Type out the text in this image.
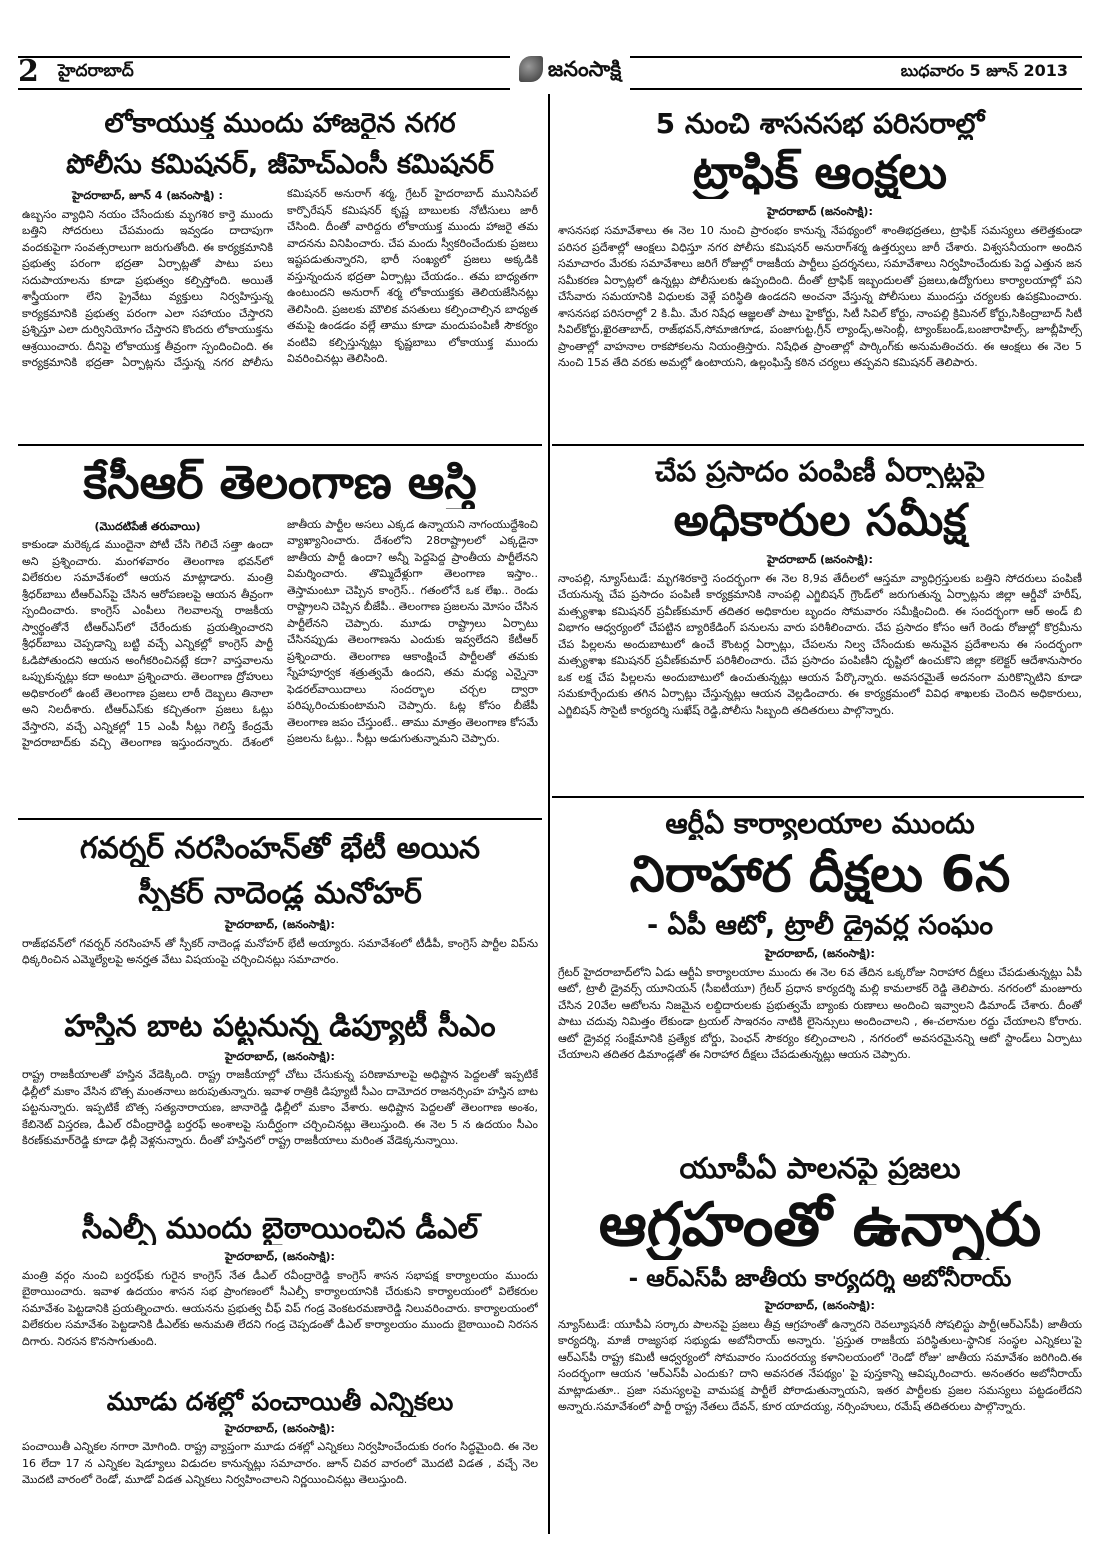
2 హైదరాబాద్	జనంసాక్షి	బుధవారం 5 జూన్ 2013
లోకాయుక్త ముందు హాజరైన నగర
పోలీసు కమిషనర్, జీహెచ్‌ఎంసీ కమిషనర్
హైదరాబాద్, జూన్ 4 (జనంసాక్షి) :
ఉబ్బసం వ్యాధిని నయం చేసేందుకు మృగశిర కార్తె ముందు బత్తిని సోదరులు చేపమందు ఇవ్వడం దాదాపుగా వందకుపైగా సంవత్సరాలుగా జరుగుతోంది. ఈ కార్యక్రమానికి ప్రభుత్వ పరంగా భద్రతా ఏర్పాట్లతో పాటు పలు సదుపాయాలను కూడా ప్రభుత్వం కల్పిస్తోంది. అయితే శాస్త్రీయంగా లేని ప్రైవేటు వ్యక్తులు నిర్వహిస్తున్న కార్యక్రమానికి ప్రభుత్వ పరంగా ఎలా సహాయం చేస్తారని ప్రశ్నిస్తూ ఎలా దుర్వినియోగం చేస్తారని కొందరు లోకాయుక్తను ఆశ్రయించారు. దీనిపై లోకాయుక్త తీవ్రంగా స్పందించింది. ఈ కార్యక్రమానికి భద్రతా ఏర్పాట్లను చేస్తున్న నగర పోలీసు కమిషనర్ అనురాగ్ శర్మ, గ్రేటర్ హైదరాబాద్ మునిసిపల్ కార్పొరేషన్ కమిషనర్ కృష్ణ బాబులకు నోటీసులు జారీ చేసింది. దీంతో వారిద్దరు లోకాయుక్త ముందు హాజరై తమ వాదనను వినిపించారు. చేప మందు స్వీకరించేందుకు ప్రజలు ఇష్టపడుతున్నారని, భారీ సంఖ్యలో ప్రజలు అక్కడికి వస్తున్నందున భద్రతా ఏర్పాట్లు చేయడం.. తమ బాధ్యతగా ఉంటుందని అనురాగ్ శర్మ లోకాయుక్తకు తెలియజేసినట్లు తెలిసింది. ప్రజలకు మౌలిక వసతులు కల్పించాల్సిన బాధ్యత తమపై ఉండడం వల్లే తాము కూడా మందుపంపిణీ సౌకర్యం వంటివి కల్పిస్తున్నట్లు కృష్ణబాబు లోకాయుక్త ముందు వివరించినట్లు తెలిసింది.
కేసీఆర్ తెలంగాణ ఆస్తి
(మొదటిపేజీ తరువాయి)
కాకుండా మరెక్కడ ముందైనా పోటీ చేసి గెలిచే సత్తా ఉందా అని ప్రశ్నించారు. మంగళవారం తెలంగాణ భవన్‌లో విలేకరుల సమావేశంలో ఆయన మాట్లాడారు. మంత్రి శ్రీధర్‌బాబు టీఆర్‌ఎస్‌పై చేసిన ఆరోపణలపై ఆయన తీవ్రంగా స్పందించారు. కాంగ్రెస్ ఎంపీలు గెలవాలన్న రాజకీయ స్వార్థంతోనే టీఆర్‌ఎస్‌లో చేరేందుకు ప్రయత్నించారని శ్రీధర్‌బాబు చెప్పడాన్ని బట్టి వచ్చే ఎన్నికల్లో కాంగ్రెస్ పార్టీ ఓడిపోతుందని ఆయన అంగీకరించినట్లే కదా? వాస్తవాలను ఒప్పుకున్నట్లు కదా అంటూ ప్రశ్నించారు. తెలంగాణ ద్రోహులు అధికారంలో ఉంటే తెలంగాణ ప్రజలు లాఠీ దెబ్బలు తినాలా అని నిలదీశారు. టీఆర్‌ఎస్‌కు కచ్చితంగా ప్రజలు ఓట్లు వేస్తారని, వచ్చే ఎన్నికల్లో 15 ఎంపీ సీట్లు గెలిస్తే కేంద్రమే హైదరాబాద్‌కు వచ్చి తెలంగాణ ఇస్తుందన్నారు. దేశంలో జాతీయ పార్టీల అసలు ఎక్కడ ఉన్నాయని నాగంయుద్దేశించి వ్యాఖ్యానించారు. దేశంలోని 28రాష్ట్రాలలో ఎక్కడైనా జాతీయ పార్టీ ఉందా? అన్నీ పెద్దపెద్ద ప్రాంతీయ పార్టీలేనని విమర్శించారు. తొమ్మిదేళ్లుగా తెలంగాణ ఇస్తాం.. తెస్తామంటూ చెప్పిన కాంగ్రెస్.. గతంలోనే ఒక లేఖ.. రెండు రాష్ట్రాలని చెప్పిన బీజేపీ.. తెలంగాణ ప్రజలను మోసం చేసిన పార్టీలేనని చెప్పారు. మూడు రాష్ట్రాలు ఏర్పాటు చేసినప్పుడు తెలంగాణను ఎందుకు ఇవ్వలేదని కేటీఆర్ ప్రశ్నించారు. తెలంగాణ ఆకాంక్షించే పార్టీలతో తమకు స్నేహపూర్వక శత్రుత్వమే ఉందని, తమ మధ్య ఎన్నైనా ఫెడరల్‌వాయిదాలు సందర్భాల చర్చల ద్వారా పరిష్కరించుకుంటామని చెప్పారు. ఓట్ల కోసం బీజేపీ తెలంగాణ జపం చేస్తుంటే.. తాము మాత్రం తెలంగాణ కోసమే ప్రజలను ఓట్లు.. సీట్లు అడుగుతున్నామని చెప్పారు.
గవర్నర్ నరసింహన్‌తో భేటీ అయిన
స్పీకర్ నాదెండ్ల మనోహర్
హైదరాబాద్, (జనంసాక్షి):
రాజ్‌భవన్‌లో గవర్నర్ నరసింహన్ తో స్పీకర్ నాదెండ్ల మనోహర్ భేటీ అయ్యారు. సమావేశంలో టీడీపీ, కాంగ్రెస్ పార్టీల విప్‌ను ధిక్కరించిన ఎమ్మెల్యేలపై అనర్హత వేటు విషయంపై చర్చించినట్లు సమాచారం.
హస్తిన బాట పట్టనున్న డిప్యూటీ సీఎం
హైదరాబాద్, (జనంసాక్షి):
రాష్ట్ర రాజకీయాలతో హస్తిన వేడెక్కింది. రాష్ట్ర రాజకీయాల్లో చోటు చేసుకున్న పరిణామాలపై అధిష్టాన పెద్దలతో ఇప్పటికే ఢిల్లీలో మకాం వేసిన బొత్స మంతనాలు జరుపుతున్నారు. ఇవాళ రాత్రికి డిప్యూటీ సీఎం దామోదర రాజనర్సింహ హస్తిన బాట పట్టనున్నారు. ఇప్పటికే బొత్స సత్యనారాయణ, జానారెడ్డి ఢిల్లీలో మకాం వేశారు. అధిష్టాన పెద్దలతో తెలంగాణ అంశం, కేబినెట్ విస్తరణ, డీఎల్ రవీంద్రారెడ్డి బర్తరఫ్ అంశాలపై సుదీర్ఘంగా చర్చించినట్లు తెలుస్తుంది. ఈ నెల 5 న ఉదయం సీఎం కిరణ్‌కుమార్‌రెడ్డి కూడా ఢిల్లీ వెళ్లనున్నారు. దీంతో హస్తినలో రాష్ట్ర రాజకీయాలు మరింత వేడెక్కనున్నాయి.
సీఎల్పీ ముందు బైఠాయించిన డీఎల్
హైదరాబాద్, (జనంసాక్షి):
మంత్రి వర్గం నుంచి బర్తరఫ్‌కు గురైన కాంగ్రెస్ నేత డీఎల్ రవీంద్రారెడ్డి కాంగ్రెస్ శాసన సభాపక్ష కార్యాలయం ముందు బైఠాయించారు. ఇవాళ ఉదయం శాసన సభ ప్రాంగణంలో సీఎల్పీ కార్యాలయానికి చేరుకుని కార్యాలయంలో విలేకరుల సమావేశం పెట్టడానికి ప్రయత్నించారు. ఆయనను ప్రభుత్వ చీఫ్ విప్ గండ్ర వెంకటరమణారెడ్డి నిలువరించారు. కార్యాలయంలో విలేకరుల సమావేశం పెట్టడానికి డీఎల్‌కు అనుమతి లేదని గండ్ర చెప్పడంతో డీఎల్ కార్యాలయం ముందు బైఠాయించి నిరసన దిగారు. నిరసన కొనసాగుతుంది.
మూడు దశల్లో పంచాయితీ ఎన్నికలు
హైదరాబాద్, (జనంసాక్షి):
పంచాయితీ ఎన్నికల నగారా మోగింది. రాష్ట్ర వ్యాప్తంగా మూడు దశల్లో ఎన్నికలు నిర్వహించేందుకు రంగం సిద్ధమైంది. ఈ నెల 16 లేదా 17 న ఎన్నికల షెడ్యూలు విడుదల కానున్నట్లు సమాచారం. జూన్ చివర వారంలో మొదటి విడత , వచ్చే నెల మొదటి వారంలో రెండో, మూడో విడత ఎన్నికలు నిర్వహించాలని నిర్ణయించినట్లు తెలుస్తుంది.
5 నుంచి శాసనసభ పరిసరాల్లో
ట్రాఫిక్ ఆంక్షలు
హైదరాబాద్ (జనంసాక్షి):
శాసనసభ సమావేశాలు ఈ నెల 10 నుంచి ప్రారంభం కానున్న నేపథ్యంలో శాంతిభద్రతలు, ట్రాఫిక్ సమస్యలు తలెత్తకుండా పరిసర ప్రదేశాల్లో ఆంక్షలు విధిస్తూ నగర పోలీసు కమిషనర్ అనురాగ్‌శర్మ ఉత్తర్వులు జారీ చేశారు. విశ్వసనీయంగా అందిన సమాచారం మేరకు సమావేశాలు జరిగే రోజుల్లో రాజకీయ పార్టీలు ప్రదర్శనలు, సమావేశాలు నిర్వహించేందుకు పెద్ద ఎత్తున జన సమీకరణ ఏర్పాట్లలో ఉన్నట్లు పోలీసులకు ఉప్పందింది. దీంతో ట్రాఫిక్ ఇబ్బందులతో ప్రజలు,ఉద్యోగులు కార్యాలయాల్లో పని చేసేవారు సమయానికి విధులకు వెళ్లే పరిస్థితి ఉండదని అంచనా వేస్తున్న పోలీసులు ముందస్తు చర్యలకు ఉపక్రమించారు. శాసనసభ పరిసరాల్లో 2 కి.మీ. మేర నిషేధ ఆజ్ఞలతో పాటు హైకోర్టు, సిటీ సివిల్ కోర్టు, నాంపల్లి క్రిమినల్ కోర్టు,సికింద్రాబాద్ సిటీ సివిల్‌కోర్టు,ఖైరతాబాద్, రాజ్‌భవన్,సోమాజిగూడ, పంజాగుట్ట,గ్రీన్ ల్యాండ్స్,అసెంబ్లీ, ట్యాంక్‌బండ్,బంజారాహిల్స్, జూబ్లీహిల్స్ ప్రాంతాల్లో వాహనాల రాకపోకలను నియంత్రిస్తారు. నిషేధిత ప్రాంతాల్లో పార్కింగ్‌కు అనుమతించరు. ఈ ఆంక్షలు ఈ నెల 5 నుంచి 15వ తేది వరకు అమల్లో ఉంటాయని, ఉల్లంఘిస్తే కఠిన చర్యలు తప్పవని కమిషనర్ తెలిపారు.
చేప ప్రసాదం పంపిణీ ఏర్పాట్లపై
అధికారుల సమీక్ష
హైదరాబాద్ (జనంసాక్షి):
నాంపల్లి, న్యూస్‌టుడే: మృగశిరకార్తె సందర్భంగా ఈ నెల 8,9వ తేదీలలో ఆస్తమా వ్యాధిగ్రస్తులకు బత్తిని సోదరులు పంపిణీ చేయనున్న చేప ప్రసాదం పంపిణీ కార్యక్రమానికి నాంపల్లి ఎగ్జిబిషన్ గ్రౌండ్‌లో జరుగుతున్న ఏర్పాట్లను జిల్లా ఆర్డీవో హరీష్, మత్స్యశాఖ కమిషనర్ ప్రవీణ్‌కుమార్ తదితర అధికారుల బృందం సోమవారం సమీక్షించింది. ఈ సందర్భంగా ఆర్ అండ్ బి విభాగం ఆధ్వర్యంలో చేపట్టిన బ్యారికేడింగ్ పనులను వారు పరిశీలించారు. చేప ప్రసాదం కోసం ఆగే రెండు రోజుల్లో కొర్రమీను చేప పిల్లలను అందుబాటులో ఉంచే కౌంటర్ల ఏర్పాట్లు, చేపలను నిల్వ చేసేందుకు అనువైన ప్రదేశాలను ఈ సందర్భంగా మత్స్యశాఖ కమిషనర్ ప్రవీణ్‌కుమార్ పరిశీలించారు. చేప ప్రసాదం పంపిణీని దృష్టిలో ఉంచుకొని జిల్లా కలెక్టర్ ఆదేశానుసారం ఒక లక్ష చేప పిల్లలను అందుబాటులో ఉంచుతున్నట్లు ఆయన పేర్కొన్నారు. అవసరమైతే అదనంగా మరికొన్నిటిని కూడా సమకూర్చేందుకు తగిన ఏర్పాట్లు చేస్తున్నట్లు ఆయన వెల్లడించారు. ఈ కార్యక్రమంలో వివిధ శాఖలకు చెందిన అధికారులు, ఎగ్జిబిషన్ సొసైటీ కార్యదర్శి సుఖేష్ రెడ్డి,పోలీసు సిబ్బంది తదితరులు పాల్గొన్నారు.
ఆర్టీఏ కార్యాలయాల ముందు
నిరాహార దీక్షలు 6న
- ఏపీ ఆటో, ట్రాలీ డ్రైవర్ల సంఘం
హైదరాబాద్, (జనంసాక్షి):
గ్రేటర్ హైదరాబాద్‌లోని ఏడు ఆర్టీఏ కార్యాలయాల ముందు ఈ నెల 6వ తేదిన ఒక్కరోజు నిరాహార దీక్షలు చేపడుతున్నట్లు ఏపీ ఆటో, ట్రాలీ డ్రైవర్స్ యూనియన్ (సీఐటీయూ) గ్రేటర్ ప్రధాన కార్యదర్శి మల్లి కామలాకర్ రెడ్డి తెలిపారు. నగరంలో మంజూరు చేసిన 20వేల ఆటోలను నిజమైన లబ్దిదారులకు ప్రభుత్వమే బ్యాంకు రుణాలు అందించి ఇవ్వాలని డిమాండ్ చేశారు. దీంతో పాటు చదువు నిమిత్తం లేకుండా ట్రయల్ సాఇరనం నాటికి లైసెన్సులు అందించాలని , ఈ-చలానుల రద్దు చేయాలని కోరారు. ఆటో డ్రైవర్ల సంక్షేమానికి ప్రత్యేక బోర్డు, పెంఛన్ సౌకర్యం కల్పించాలని , నగరంలో అవసరమైనన్ని ఆటో స్టాండ్‌లు ఏర్పాటు చేయాలని తదితర డిమాండ్లతో ఈ నిరాహార దీక్షలు చేపడుతున్నట్లు ఆయన చెప్పారు.
యూపీఏ పాలనపై ప్రజలు
ఆగ్రహంతో ఉన్నారు
- ఆర్‌ఎస్‌పీ జాతీయ కార్యదర్శి అబోనీరాయ్
హైదరాబాద్, (జనంసాక్షి):
న్యూస్‌టుడే: యూపీఏ సర్కారు పాలనపై ప్రజలు తీవ్ర ఆగ్రహంతో ఉన్నారని రెవల్యూషనరీ సోషలిస్టు పార్టీ(ఆర్‌ఎస్‌పీ) జాతీయ కార్యదర్శి, మాజీ రాజ్యసభ సభ్యుడు అబోనీరాయ్ అన్నారు. 'ప్రస్తుత రాజకీయ పరిస్థితులు-స్థానిక సంస్థల ఎన్నికలు'పై ఆర్‌ఎస్‌పీ రాష్ట్ర కమిటీ ఆధ్వర్యంలో సోమవారం సుందరయ్య కళానిలయంలో 'రెండో రోజు' జాతీయ సమావేశం జరిగింది.ఈ సందర్భంగా ఆయన 'ఆర్‌ఎస్‌పీ ఎందుకు? దాని అవసరత నేపథ్యం' పై పుస్తకాన్ని ఆవిష్కరించారు. అనంతరం అబోనీరాయ్ మాట్లాడుతూ.. ప్రజా సమస్యలపై వామపక్ష పార్టీలే పోరాడుతున్నాయని, ఇతర పార్టీలకు ప్రజల సమస్యలు పట్టడంలేదని అన్నారు.సమావేశంలో పార్టీ రాష్ట్ర నేతలు దేవన్, కూర యాదయ్య, నర్సింహులు, రమేష్ తదితరులు పాల్గొన్నారు.
